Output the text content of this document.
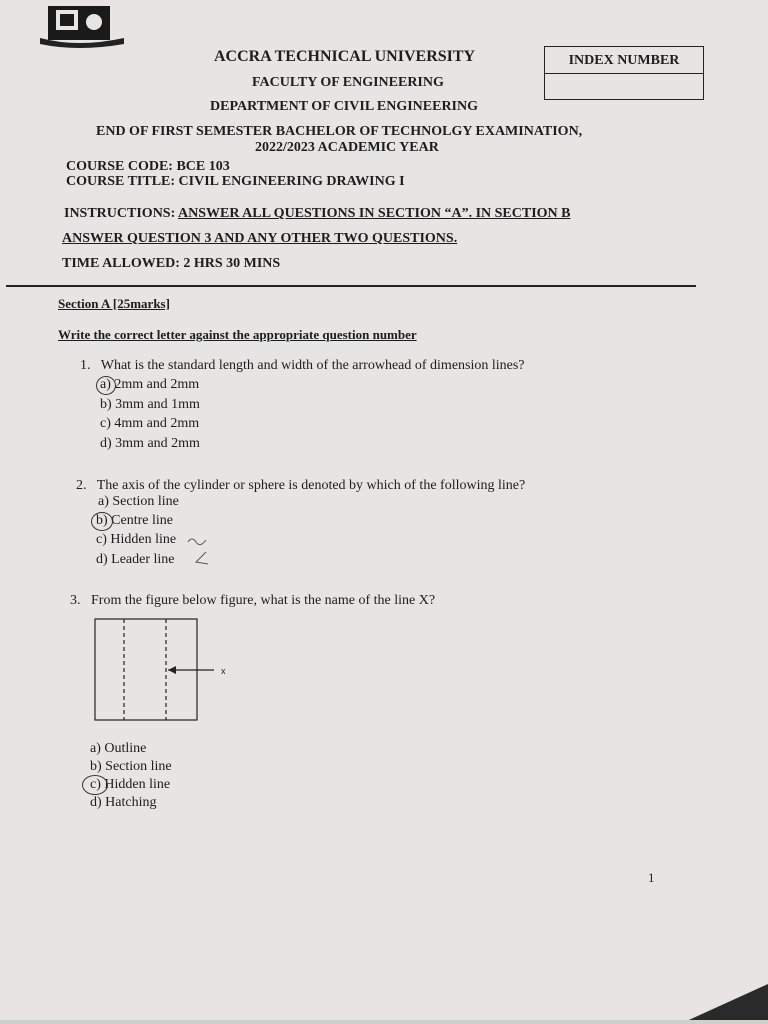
ACCRA TECHNICAL UNIVERSITY
FACULTY OF ENGINEERING
DEPARTMENT OF CIVIL ENGINEERING
INDEX NUMBER
END OF FIRST SEMESTER BACHELOR OF TECHNOLGY EXAMINATION,
2022/2023 ACADEMIC YEAR
COURSE CODE: BCE 103
COURSE TITLE: CIVIL ENGINEERING DRAWING I
INSTRUCTIONS: ANSWER ALL QUESTIONS IN SECTION “A”. IN SECTION B
ANSWER QUESTION 3 AND ANY OTHER TWO QUESTIONS.
TIME ALLOWED: 2 HRS 30 MINS
Section A [25marks]
Write the correct letter against the appropriate question number
1. What is the standard length and width of the arrowhead of dimension lines?
a) 2mm and 2mm
b) 3mm and 1mm
c) 4mm and 2mm
d) 3mm and 2mm
2. The axis of the cylinder or sphere is denoted by which of the following line?
a) Section line
b) Centre line
c) Hidden line
d) Leader line
3. From the figure below figure, what is the name of the line X?
x
a) Outline
b) Section line
c) Hidden line
d) Hatching
1
